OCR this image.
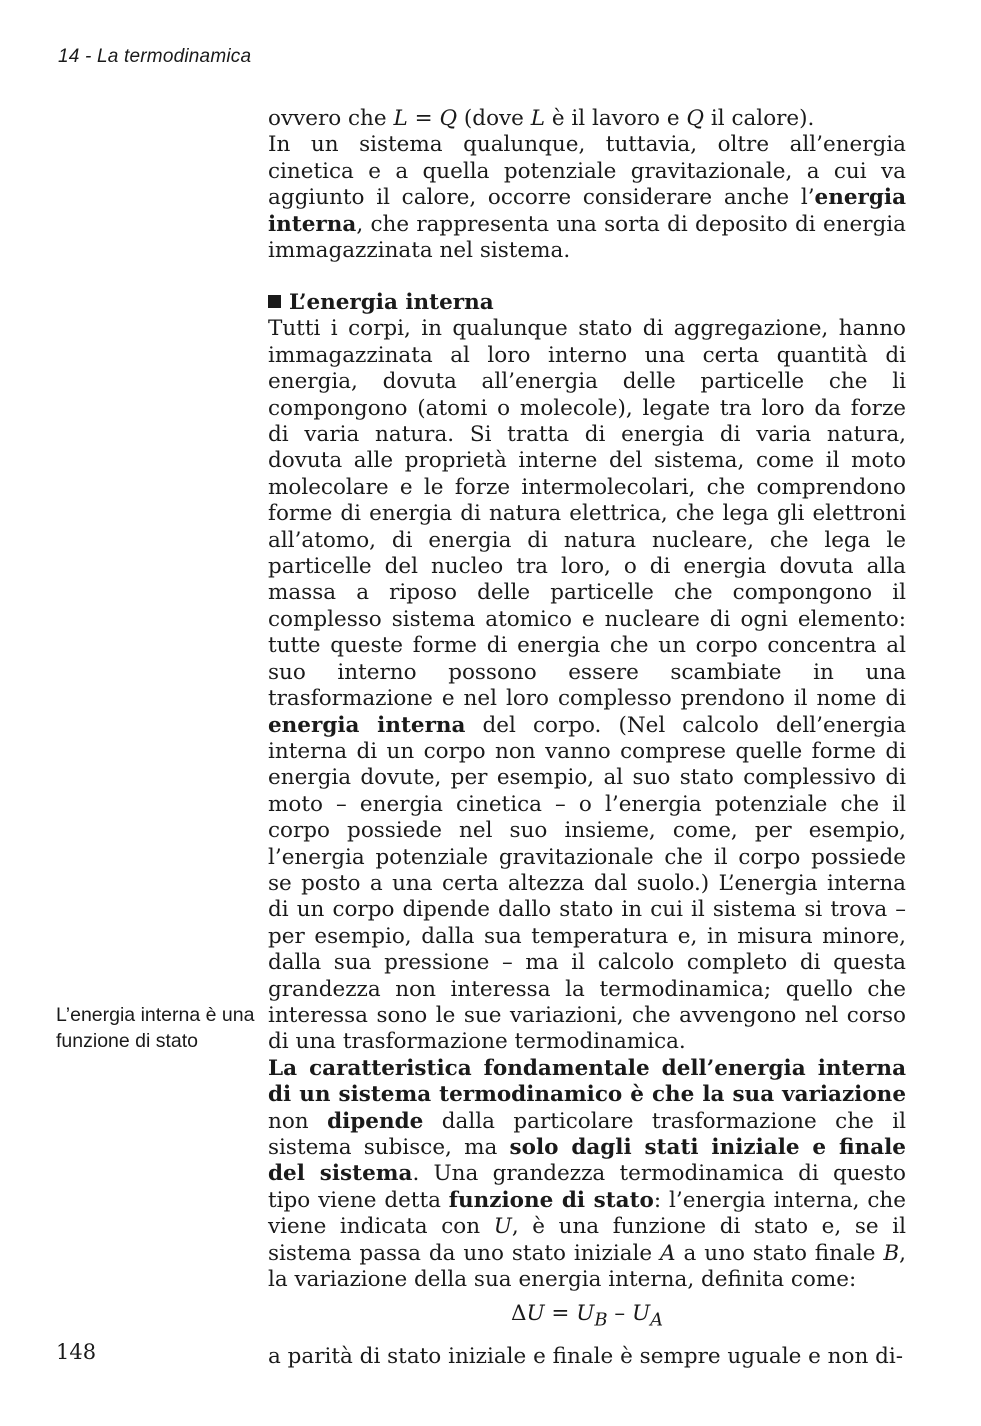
14 - La termodinamica

ovvero che L = Q (dove L è il lavoro e Q il calore).

In un sistema qualunque, tuttavia, oltre all’energia cinetica e a quella potenziale gravitazionale, a cui va aggiunto il calore, occorre considerare anche l’energia interna, che rappresenta una sorta di deposito di energia immagazzinata nel sistema.

L’energia interna

Tutti i corpi, in qualunque stato di aggregazione, hanno immagazzinata al loro interno una certa quantità di energia, dovuta all’energia delle particelle che li compongono (atomi o molecole), legate tra loro da forze di varia natura. Si tratta di energia di varia natura, dovuta alle proprietà interne del sistema, come il moto molecolare e le forze intermolecolari, che comprendono forme di energia di natura elettrica, che lega gli elettroni all’atomo, di energia di natura nucleare, che lega le particelle del nucleo tra loro, o di energia dovuta alla massa a riposo delle particelle che compongono il complesso sistema atomico e nucleare di ogni elemento: tutte queste forme di energia che un corpo concentra al suo interno possono essere scambiate in una trasformazione e nel loro complesso prendono il nome di energia interna del corpo. (Nel calcolo dell’energia interna di un corpo non vanno comprese quelle forme di energia dovute, per esempio, al suo stato complessivo di moto – energia cinetica – o l’energia potenziale che il corpo possiede nel suo insieme, come, per esempio, l’energia potenziale gravitazionale che il corpo possiede se posto a una certa altezza dal suolo.) L’energia interna di un corpo dipende dallo stato in cui il sistema si trova – per esempio, dalla sua temperatura e, in misura minore, dalla sua pressione – ma il calcolo completo di questa grandezza non interessa la termodinamica; quello che interessa sono le sue variazioni, che avvengono nel corso di una trasformazione termodinamica.

La caratteristica fondamentale dell’energia interna di un sistema termodinamico è che la sua variazione non dipende dalla particolare trasformazione che il sistema subisce, ma solo dagli stati iniziale e finale del sistema. Una grandezza termodinamica di questo tipo viene detta funzione di stato: l’energia interna, che viene indicata con U, è una funzione di stato e, se il sistema passa da uno stato iniziale A a uno stato finale B, la variazione della sua energia interna, definita come:

$\Delta U = U_B - U_A$

a parità di stato iniziale e finale è sempre uguale e non di-

L’energia interna è una funzione di stato
148
